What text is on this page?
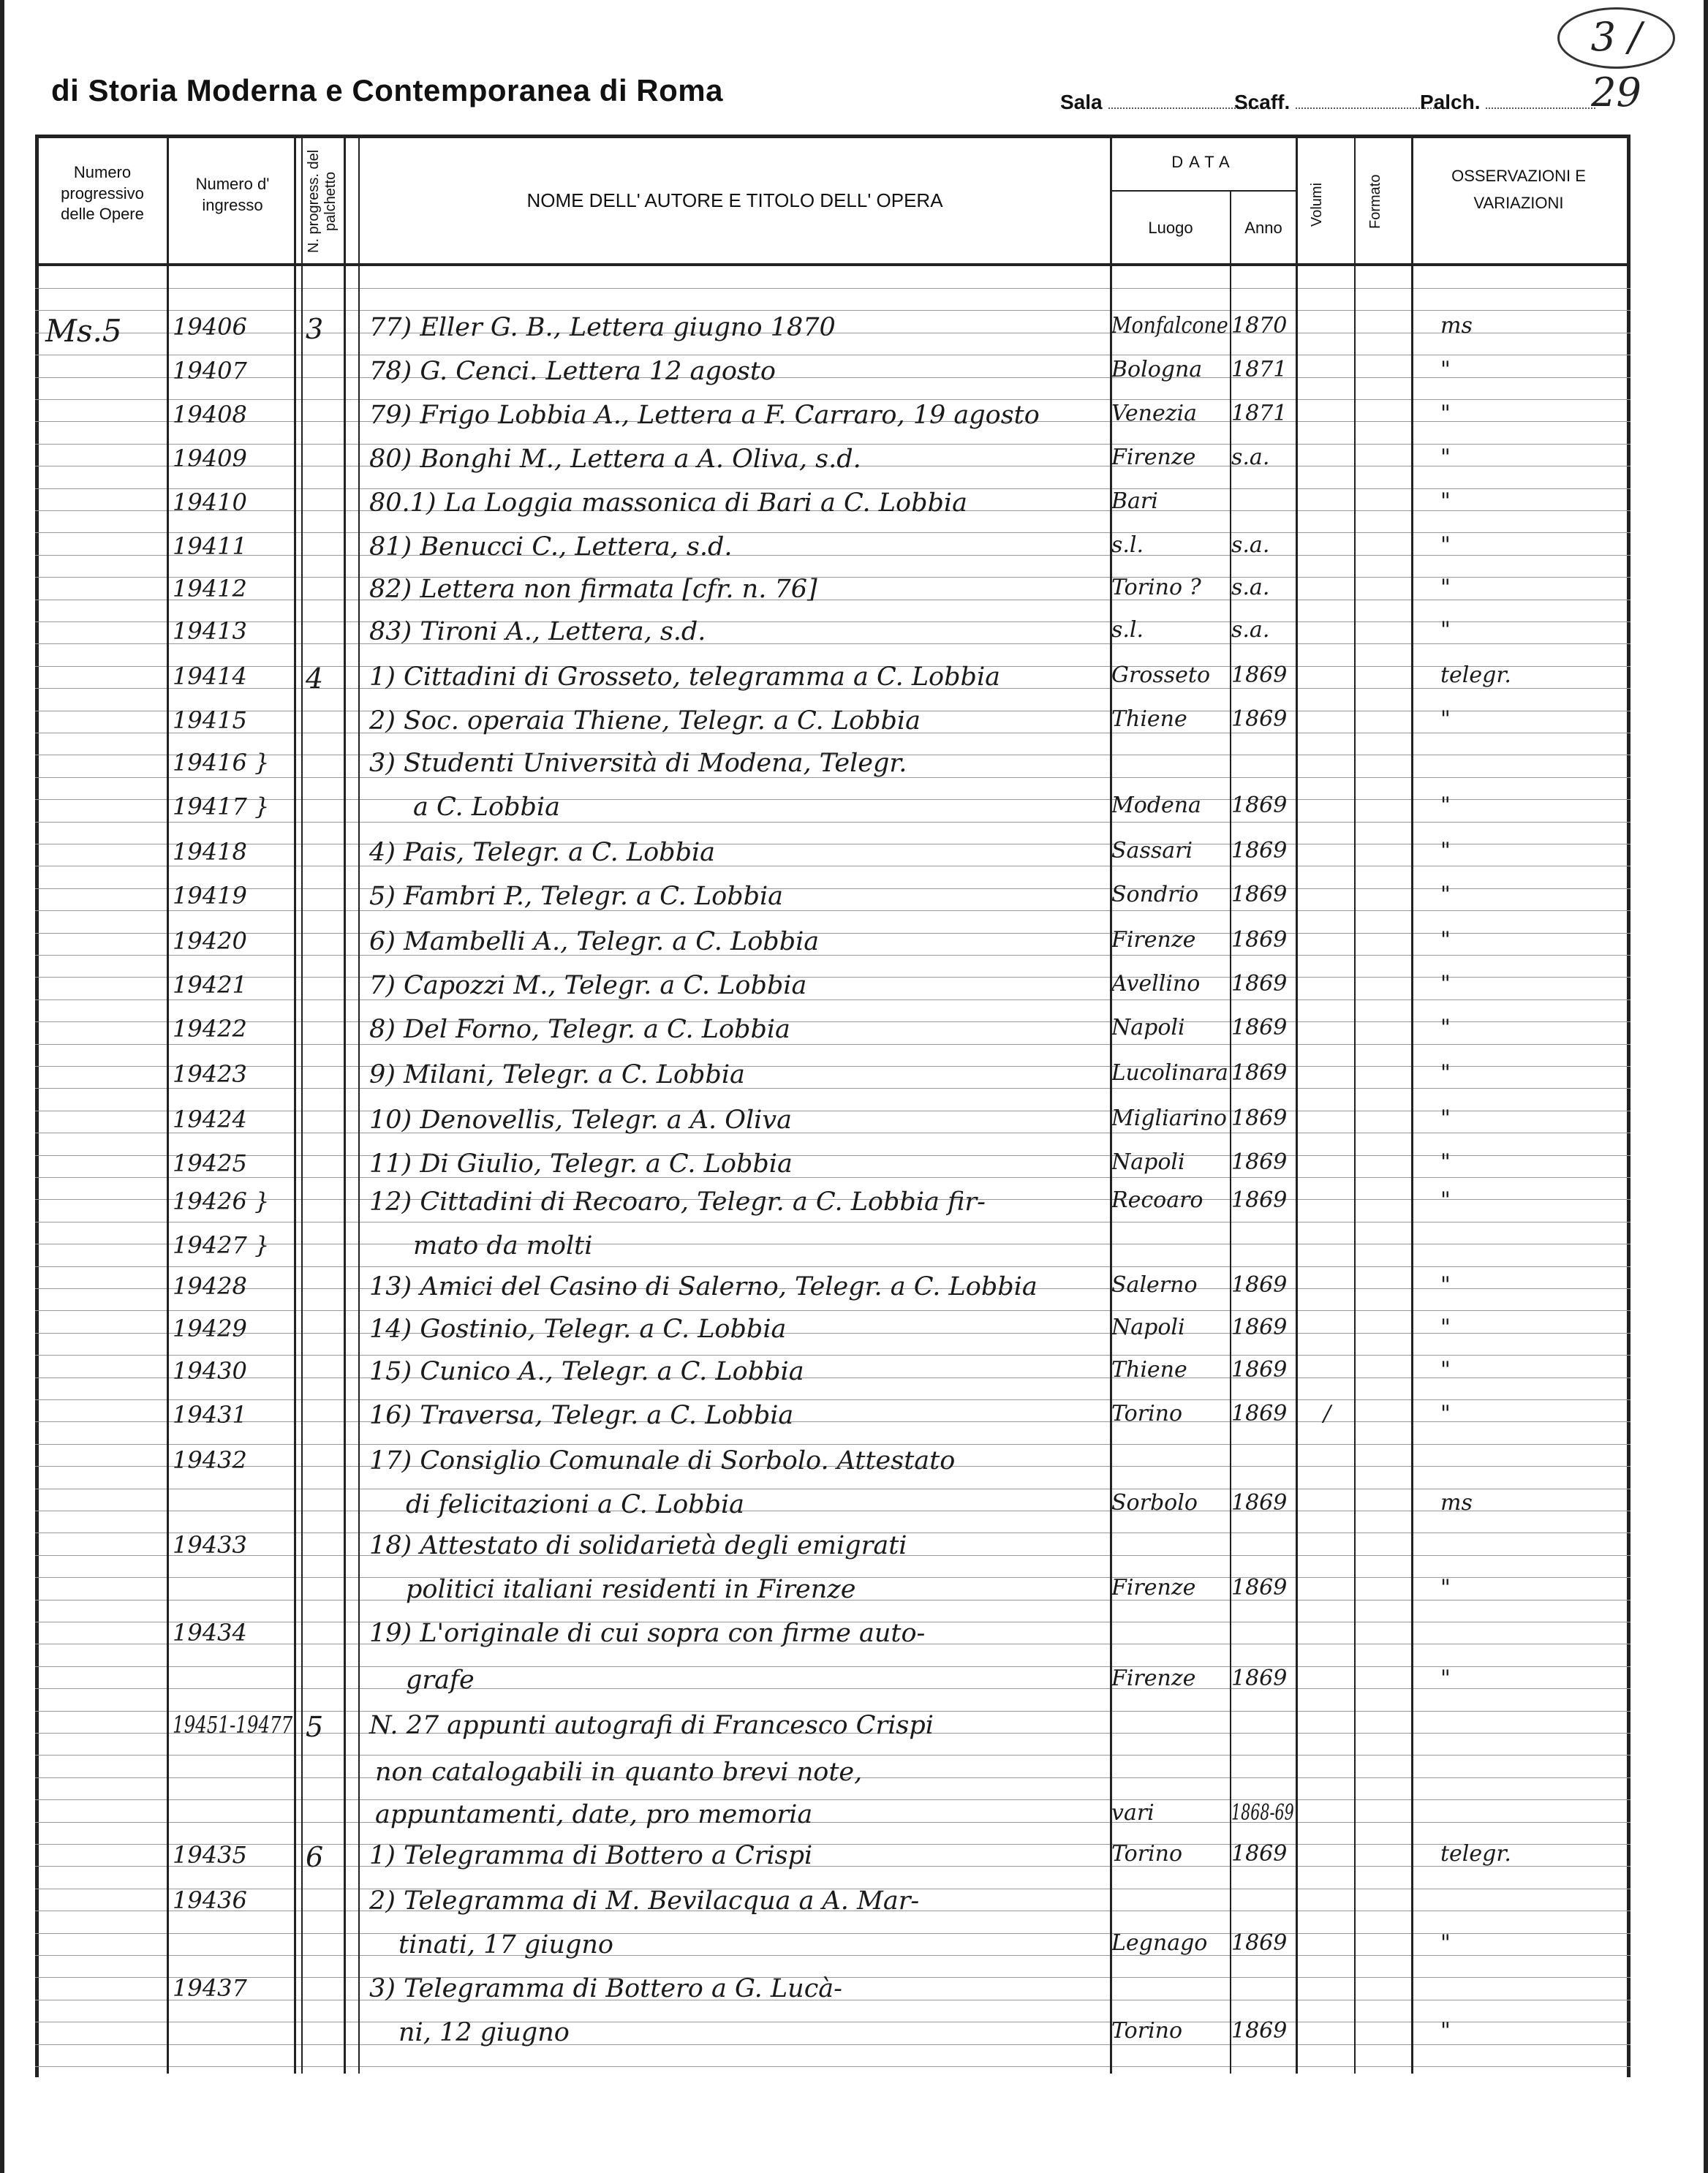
di Storia Moderna e Contemporanea di Roma
3 / 29
Sala	Scaff.	Palch.
Numero progressivo delle Opere
Numero d' ingresso	N. progress. del palchetto	NOME DELL' AUTORE E TITOLO DELL' OPERA
DATA
Luogo	Anno
Volumi	Formato	OSSERVAZIONI E VARIAZIONI
Ms.5 19406 3 77) Eller G. B., Lettera giugno 1870	Monfalcone 1870	ms
19407	78) G. Cenci. Lettera 12 agosto	Bologna 1871	"
19408	79) Frigo Lobbia A., Lettera a F. Carraro, 19 agosto	Venezia 1871	"
19409	80) Bonghi M., Lettera a A. Oliva, s.d.	Firenze s.a.	"
19410	80.1) La Loggia massonica di Bari a C. Lobbia	Bari	"
19411	81) Benucci C., Lettera, s.d.	s.l.	s.a.	"
19412	82) Lettera non firmata [cfr. n. 76]	Torino ? s.a.	"
19413	83) Tironi A., Lettera, s.d.	s.l.	s.a.	"
19414 4 1) Cittadini di Grosseto, telegramma a C. Lobbia	Grosseto 1869	telegr.
19415	2) Soc. operaia Thiene, Telegr. a C. Lobbia	Thiene 1869	"
19416 }	3) Studenti Università di Modena, Telegr.
19417 }	a C. Lobbia	Modena 1869	"
19418	4) Pais, Telegr. a C. Lobbia	Sassari 1869	"
19419	5) Fambri P., Telegr. a C. Lobbia	Sondrio 1869	"
19420	6) Mambelli A., Telegr. a C. Lobbia	Firenze 1869	"
19421	7) Capozzi M., Telegr. a C. Lobbia	Avellino 1869	"
19422	8) Del Forno, Telegr. a C. Lobbia	Napoli 1869	"
19423	9) Milani, Telegr. a C. Lobbia	Lucolinara 1869	"
19424	10) Denovellis, Telegr. a A. Oliva	Migliarino 1869	"
19425	11) Di Giulio, Telegr. a C. Lobbia	Napoli 1869	"
19426 }	12) Cittadini di Recoaro, Telegr. a C. Lobbia fir-	Recoaro 1869	"
19427 }	mato da molti
19428	13) Amici del Casino di Salerno, Telegr. a C. Lobbia	Salerno 1869	"
19429	14) Gostinio, Telegr. a C. Lobbia	Napoli 1869	"
19430	15) Cunico A., Telegr. a C. Lobbia	Thiene 1869	"
19431	16) Traversa, Telegr. a C. Lobbia	Torino 1869 /	"
19432	17) Consiglio Comunale di Sorbolo. Attestato
di felicitazioni a C. Lobbia	Sorbolo 1869	ms
19433	18) Attestato di solidarietà degli emigrati
politici italiani residenti in Firenze	Firenze 1869	"
19434	19) L'originale di cui sopra con firme auto-
grafe	Firenze 1869	"
19451-19477 5 N. 27 appunti autografi di Francesco Crispi
non catalogabili in quanto brevi note,
appuntamenti, date, pro memoria	vari	1868-69
19435 6 1) Telegramma di Bottero a Crispi	Torino 1869	telegr.
19436	2) Telegramma di M. Bevilacqua a A. Mar-
tinati, 17 giugno	Legnago 1869	"
19437	3) Telegramma di Bottero a G. Lucà-
ni, 12 giugno	Torino 1869	"
